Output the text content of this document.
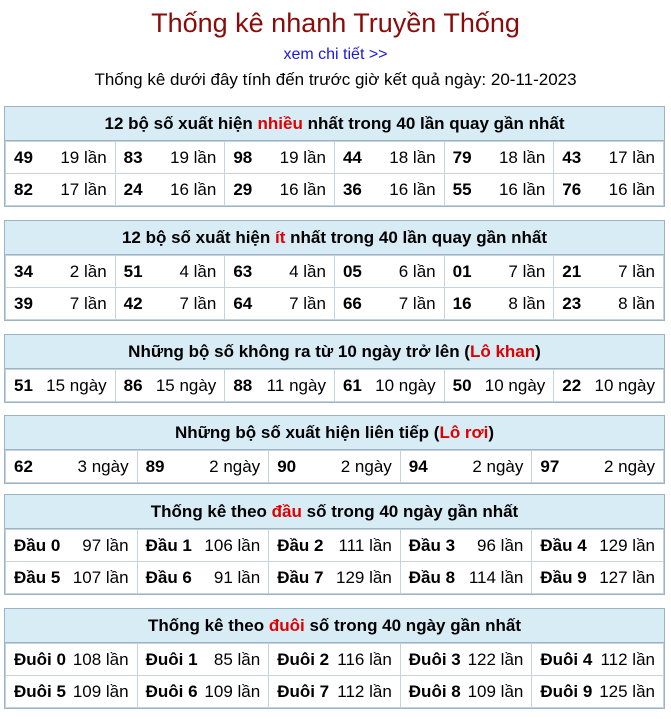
Thống kê nhanh Truyền Thống
xem chi tiết >>
Thống kê dưới đây tính đến trước giờ kết quả ngày: 20-11-2023
12 bộ số xuất hiện nhiều nhất trong 40 lần quay gần nhất
49 19 lần	83 19 lần	98 19 lần	44 18 lần	79 18 lần	43 17 lần

82 17 lần	24 16 lần	29 16 lần	36 16 lần	55 16 lần	76 16 lần
12 bộ số xuất hiện ít nhất trong 40 lần quay gần nhất
34 2 lần	51 4 lần	63 4 lần	05 6 lần	01 7 lần	21 7 lần

39 7 lần	42 7 lần	64 7 lần	66 7 lần	16 8 lần	23 8 lần
Những bộ số không ra từ 10 ngày trở lên (Lô khan)
51 15 ngày	86 15 ngày	88 11 ngày	61 10 ngày	50 10 ngày	22 10 ngày
Những bộ số xuất hiện liên tiếp (Lô rơi)
62	3 ngày	89	2 ngày	90	2 ngày	94	2 ngày	97	2 ngày
Thống kê theo đầu số trong 40 ngày gần nhất
Đầu 0 97 lần	Đầu 1 106 lần	Đầu 2 111 lần	Đầu 3 96 lần	Đầu 4 129 lần

Đầu 5 107 lần	Đầu 6 91 lần	Đầu 7 129 lần	Đầu 8 114 lần	Đầu 9 127 lần
Thống kê theo đuôi số trong 40 ngày gần nhất
Đuôi 0 108 lần	Đuôi 1 85 lần	Đuôi 2 116 lần	Đuôi 3 122 lần	Đuôi 4 112 lần

Đuôi 5 109 lần	Đuôi 6 109 lần	Đuôi 7 112 lần	Đuôi 8 109 lần	Đuôi 9 125 lần
